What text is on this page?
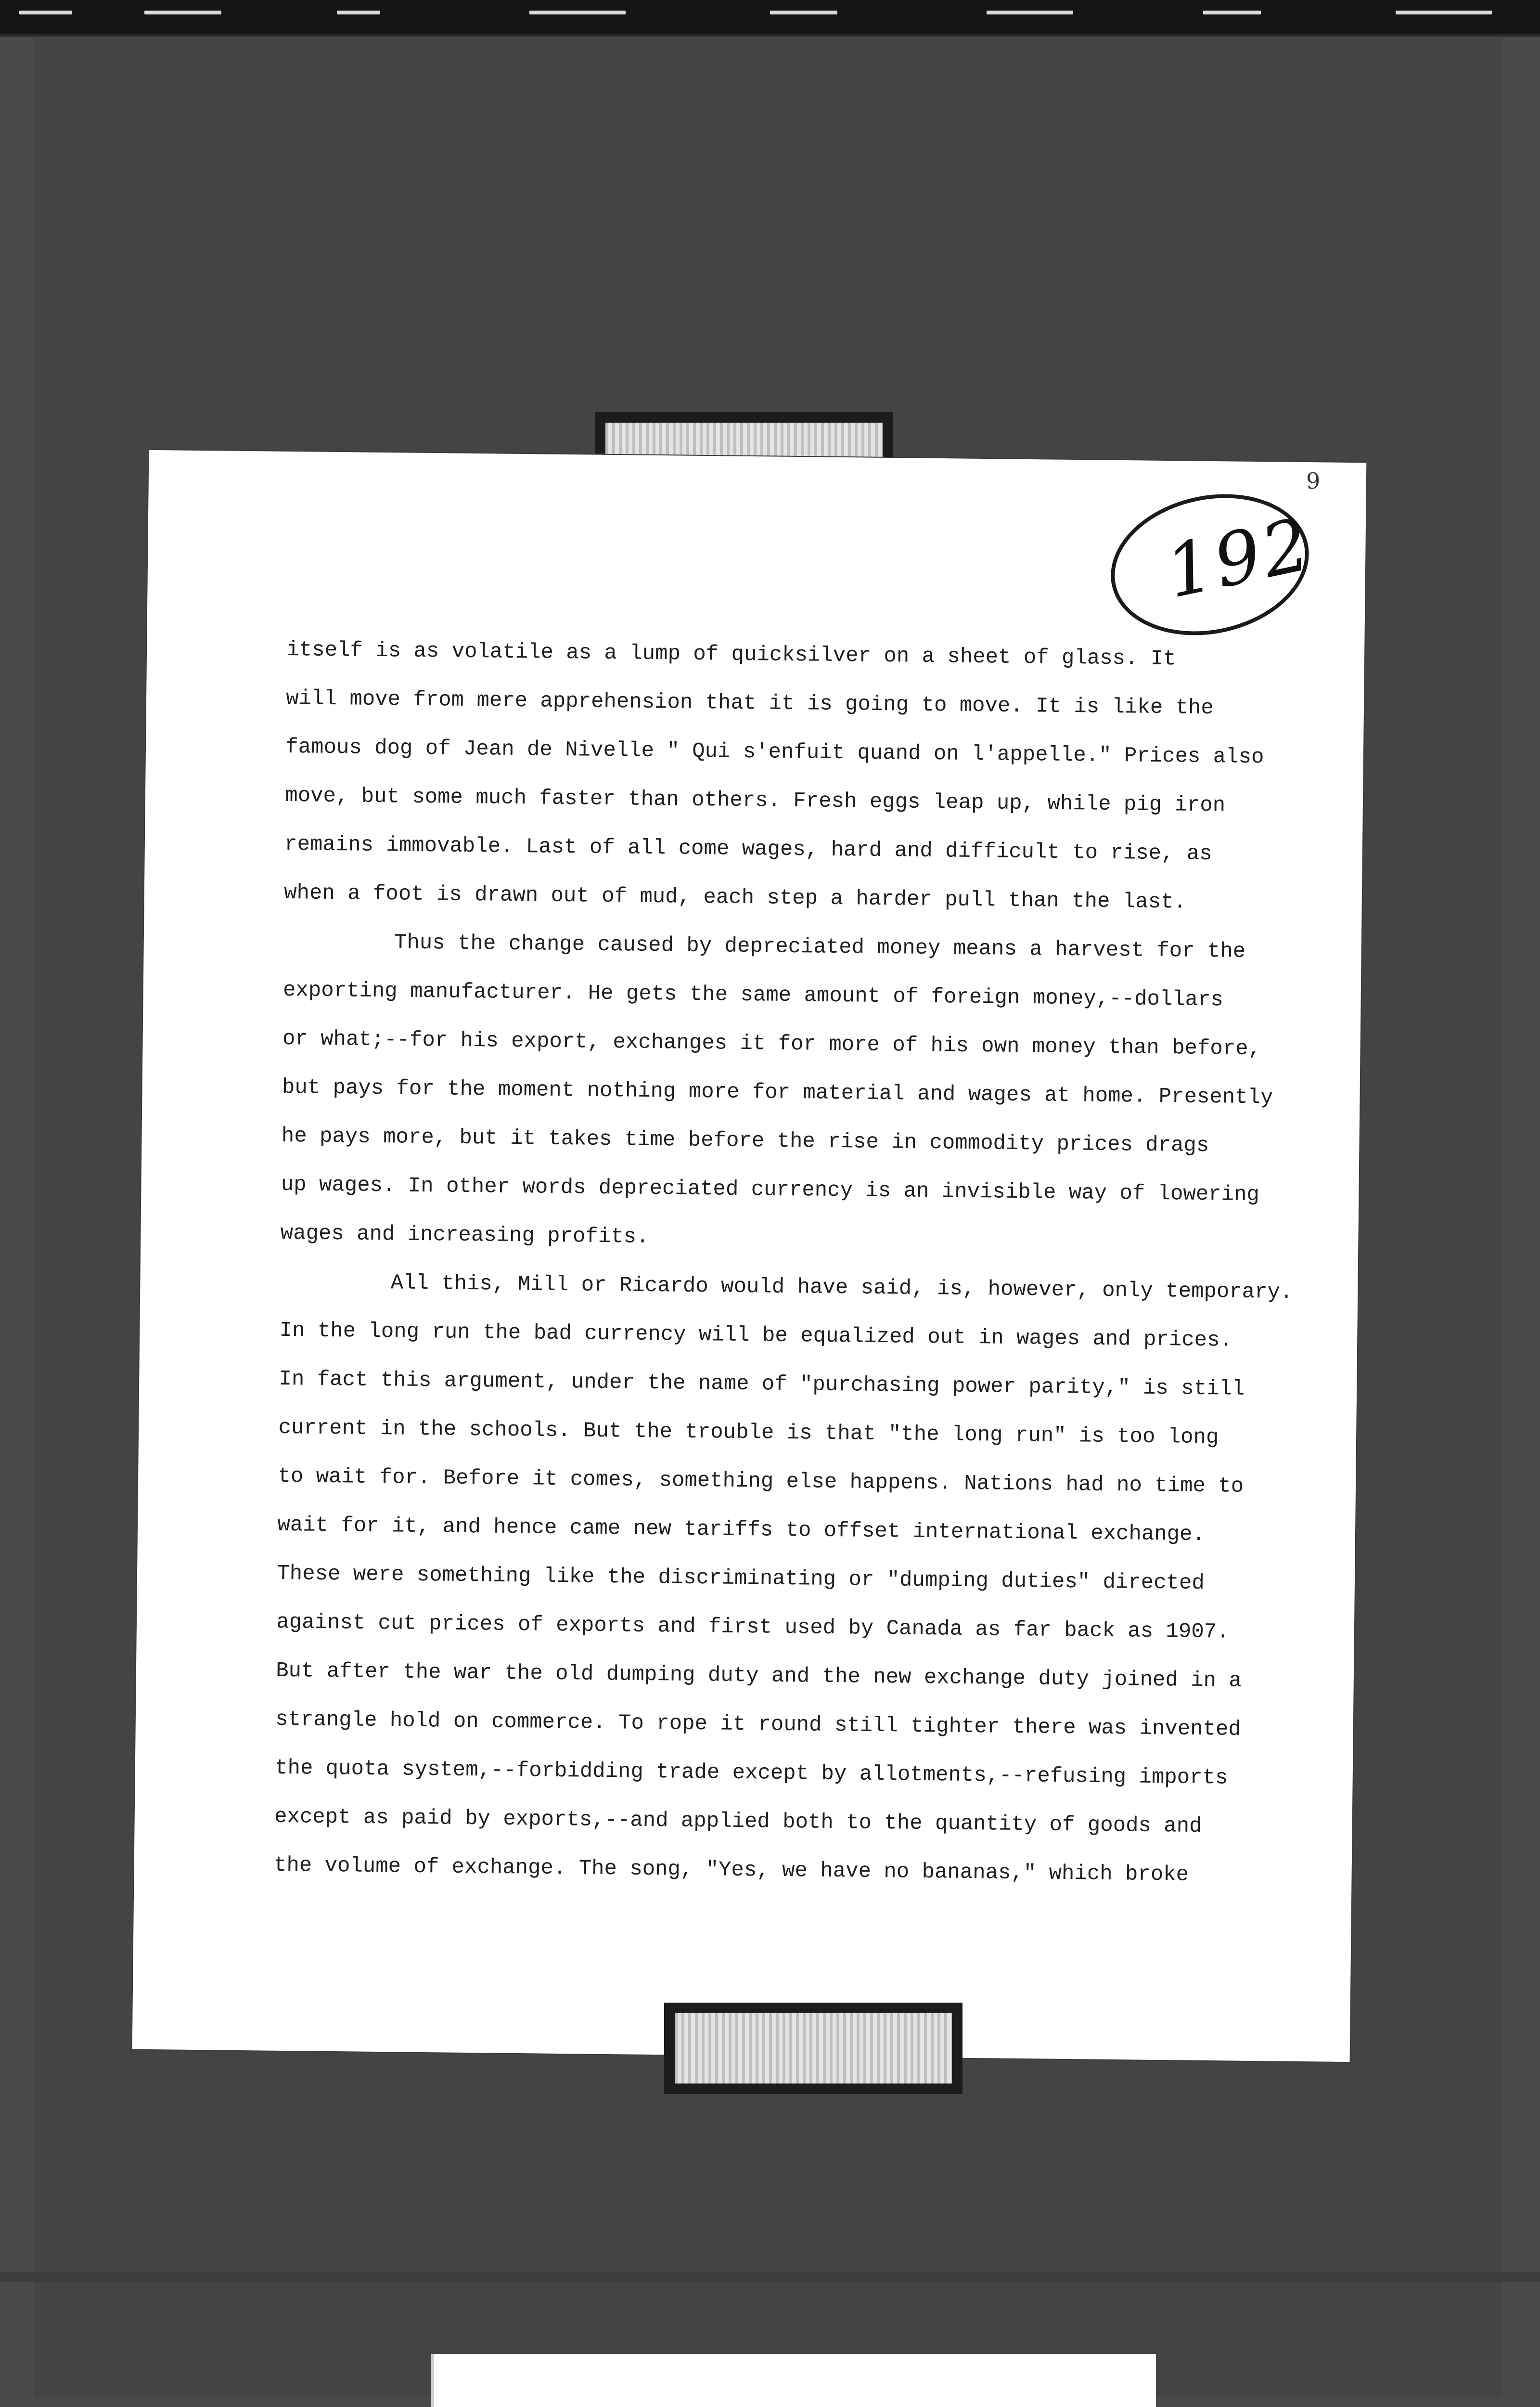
9
192
itself is as volatile as a lump of quicksilver on a sheet of glass. It
will move from mere apprehension that it is going to move. It is like the
famous dog of Jean de Nivelle " Qui s'enfuit quand on l'appelle." Prices also
move, but some much faster than others. Fresh eggs leap up, while pig iron
remains immovable. Last of all come wages, hard and difficult to rise, as
when a foot is drawn out of mud, each step a harder pull than the last.
Thus the change caused by depreciated money means a harvest for the
exporting manufacturer. He gets the same amount of foreign money,--dollars
or what;--for his export, exchanges it for more of his own money than before,
but pays for the moment nothing more for material and wages at home. Presently
he pays more, but it takes time before the rise in commodity prices drags
up wages. In other words depreciated currency is an invisible way of lowering
wages and increasing profits.
All this, Mill or Ricardo would have said, is, however, only temporary.
In the long run the bad currency will be equalized out in wages and prices.
In fact this argument, under the name of "purchasing power parity," is still
current in the schools. But the trouble is that "the long run" is too long
to wait for. Before it comes, something else happens. Nations had no time to
wait for it, and hence came new tariffs to offset international exchange.
These were something like the discriminating or "dumping duties" directed
against cut prices of exports and first used by Canada as far back as 1907.
But after the war the old dumping duty and the new exchange duty joined in a
strangle hold on commerce. To rope it round still tighter there was invented
the quota system,--forbidding trade except by allotments,--refusing imports
except as paid by exports,--and applied both to the quantity of goods and
the volume of exchange. The song, "Yes, we have no bananas," which broke
